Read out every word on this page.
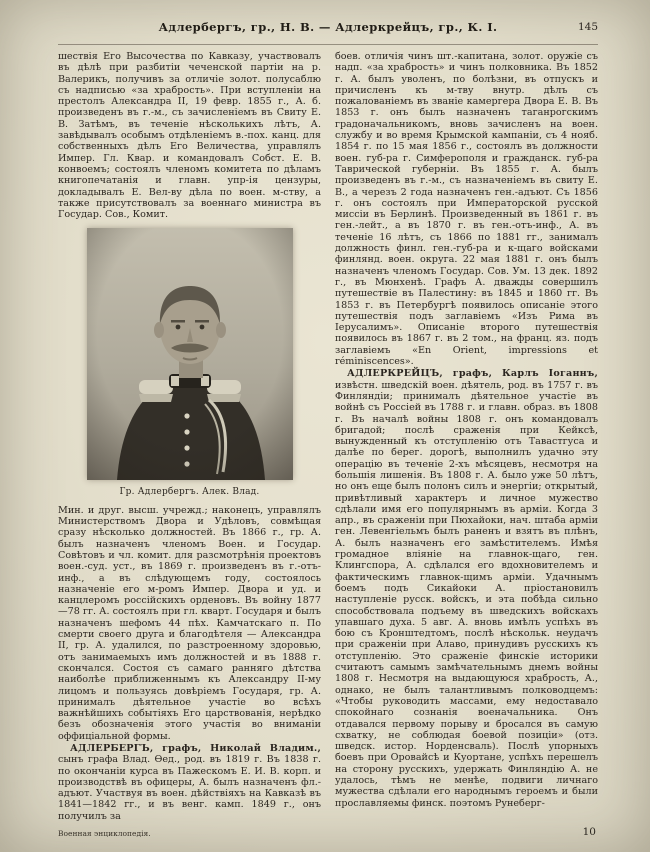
Адлербергъ, гр., Н. В. — Адлеркрейцъ, гр., К. I.	145

шествія Его Высочества по Кавказу, участвовалъ въ дѣлѣ при разбитіи чеченской партіи на р. Валерикъ, получивъ за отличіе золот. полусаблю съ надписью «за храбрость». При вступленіи на престолъ Александра II, 19 февр. 1855 г., А. б. произведенъ въ г.-м., съ зачисленіемъ въ Свиту Е. В. Затѣмъ, въ теченіе нѣсколькихъ лѣтъ, А. завѣдывалъ особымъ отдѣленіемъ в.-пох. канц. для собственныхъ дѣлъ Его Величества, управлялъ Импер. Гл. Квар. и командовалъ Собст. Е. В. конвоемъ; состоялъ членомъ комитета по дѣламъ книгопечатанія и главн. упр-ія цензуры, докладывалъ Е. Вел-ву дѣла по воен. м-ству, а также присутствовалъ за военнаго министра въ Государ. Сов., Комит.

Гр. Адлербергъ. Алек. Влад.

Мин. и друг. высш. учрежд.; наконецъ, управлялъ Министерствомъ Двора и Удѣловъ, совмѣщая сразу нѣсколько должностей. Въ 1866 г., гр. А. былъ назначенъ членомъ Воен. и Государ. Совѣтовъ и чл. комит. для разсмотрѣнія проектовъ воен.-суд. уст., въ 1869 г. произведенъ въ г.-отъ-инф., а въ слѣдующемъ году, состоялось назначеніе его м-ромъ Импер. Двора и уд. и канцлеромъ россійскихъ орденовъ. Въ войну 1877—78 гг. А. состоялъ при гл. кварт. Государя и былъ назначенъ шефомъ 44 пѣх. Камчатскаго п. По смерти своего друга и благодѣтеля — Александра II, гр. А. удалился, по разстроенному здоровью, отъ занимаемыхъ имъ должностей и въ 1888 г. скончался. Состоя съ самаго ранняго дѣтства наиболѣе приближеннымъ къ Александру II-му лицомъ и пользуясь довѣріемъ Государя, гр. А. принималъ дѣятельное участіе во всѣхъ важнѣйшихъ событіяхъ Его царствованія, нерѣдко безъ обозначенія этого участія во вниманіи оффиціальной формы.

АДЛЕРБЕРГЪ, графъ, Николай Владим., сынъ графа Влад. Ѳед., род. въ 1819 г. Въ 1838 г. по окончаніи курса въ Пажескомъ Е. И. В. корп. и производствѣ въ офицеры, А. былъ назначенъ фл.-адъют. Участвуя въ воен. дѣйствіяхъ на Кавказѣ въ 1841—1842 гг., и въ венг. камп. 1849 г., онъ получилъ за

боев. отличія чинъ шт.-капитана, золот. оружіе съ надп. «за храбрость» и чинъ полковника. Въ 1852 г. А. былъ уволенъ, по болѣзни, въ отпускъ и причисленъ къ м-тву внутр. дѣлъ съ пожалованіемъ въ званіе камергера Двора Е. В. Въ 1853 г. онъ былъ назначенъ таганрогскимъ градоначальникомъ, вновь зачисленъ на воен. службу и во время Крымской кампаніи, съ 4 нояб. 1854 г. по 15 мая 1856 г., состоялъ въ должности воен. губ-ра г. Симферополя и гражданск. губ-ра Таврической губерніи. Въ 1855 г. А. былъ произведенъ въ г.-м., съ назначеніемъ въ свиту Е. В., а черезъ 2 года назначенъ ген.-адъют. Съ 1856 г. онъ состоялъ при Императорской русской миссіи въ Берлинѣ. Произведенный въ 1861 г. въ ген.-лейт., а въ 1870 г. въ ген.-отъ-инф., А. въ теченіе 16 лѣтъ, съ 1866 по 1881 гг., занималъ должность финл. ген.-губ-ра и к-щаго войсками финлянд. воен. округа. 22 мая 1881 г. онъ былъ назначенъ членомъ Государ. Сов. Ум. 13 дек. 1892 г., въ Мюнхенѣ. Графъ А. дважды совершилъ путешествіе въ Палестину: въ 1845 и 1860 гг. Въ 1853 г. въ Петербургѣ появилось описаніе этого путешествія подъ заглавіемъ «Изъ Рима въ Іерусалимъ». Описаніе второго путешествія появилось въ 1867 г. въ 2 том., на франц. яз. подъ заглавіемъ «En Orient, impressions et réminiscences».

АДЛЕРКРЕЙЦЪ, графъ, Карлъ Іоганнъ, извѣстн. шведскій воен. дѣятель, род. въ 1757 г. въ Финляндіи; принималъ дѣятельное участіе въ войнѣ съ Россіей въ 1788 г. и главн. образ. въ 1808 г. Въ началѣ войны 1808 г. онъ командовалъ бригадой; послѣ сраженія при Кейксѣ, вынужденный къ отступленію отъ Тавастгуса и далѣе по берег. дорогѣ, выполнилъ удачно эту операцію въ теченіе 2-хъ мѣсяцевъ, несмотря на большія лишенія. Въ 1808 г. А. было уже 50 лѣтъ, но онъ еще былъ полонъ силъ и энергіи; открытый, привѣтливый характеръ и личное мужество сдѣлали имя его популярнымъ въ арміи. Когда 3 апр., въ сраженіи при Пюхайоки, нач. штаба арміи ген. Левенгіельмъ былъ раненъ и взятъ въ плѣнъ, А. былъ назначенъ его замѣстителемъ. Имѣя громадное вліяніе на главнок-щаго, ген. Клингспора, А. сдѣлался его вдохновителемъ и фактическимъ главнок-щимъ арміи. Удачнымъ боемъ подъ Сикайоки А. пріостановилъ наступленіе русск. войскъ, и эта побѣда сильно способствовала подъему въ шведскихъ войскахъ упавшаго духа. 5 авг. А. вновь имѣлъ успѣхъ въ бою съ Кронштедтомъ, послѣ нѣскольк. неудачъ при сраженіи при Алаво, принудивъ русскихъ къ отступленію. Это сраженіе финскіе историки считаютъ самымъ замѣчательнымъ днемъ войны 1808 г. Несмотря на выдающуюся храбрость, А., однако, не былъ талантливымъ полководцемъ: «Чтобы руководить массами, ему недоставало спокойнаго сознанія военачальника. Онъ отдавался первому порыву и бросался въ самую схватку, не соблюдая боевой позиціи» (отз. шведск. истор. Норденсваль). Послѣ упорныхъ боевъ при Оровайсѣ и Куортане, успѣхъ перешелъ на сторону русскихъ, удержать Финляндію А. не удалось, тѣмъ не менѣе, подвиги личнаго мужества сдѣлали его народнымъ героемъ и были прославляемы финск. поэтомъ Рунеберг-

Военная энциклопедія.	10
